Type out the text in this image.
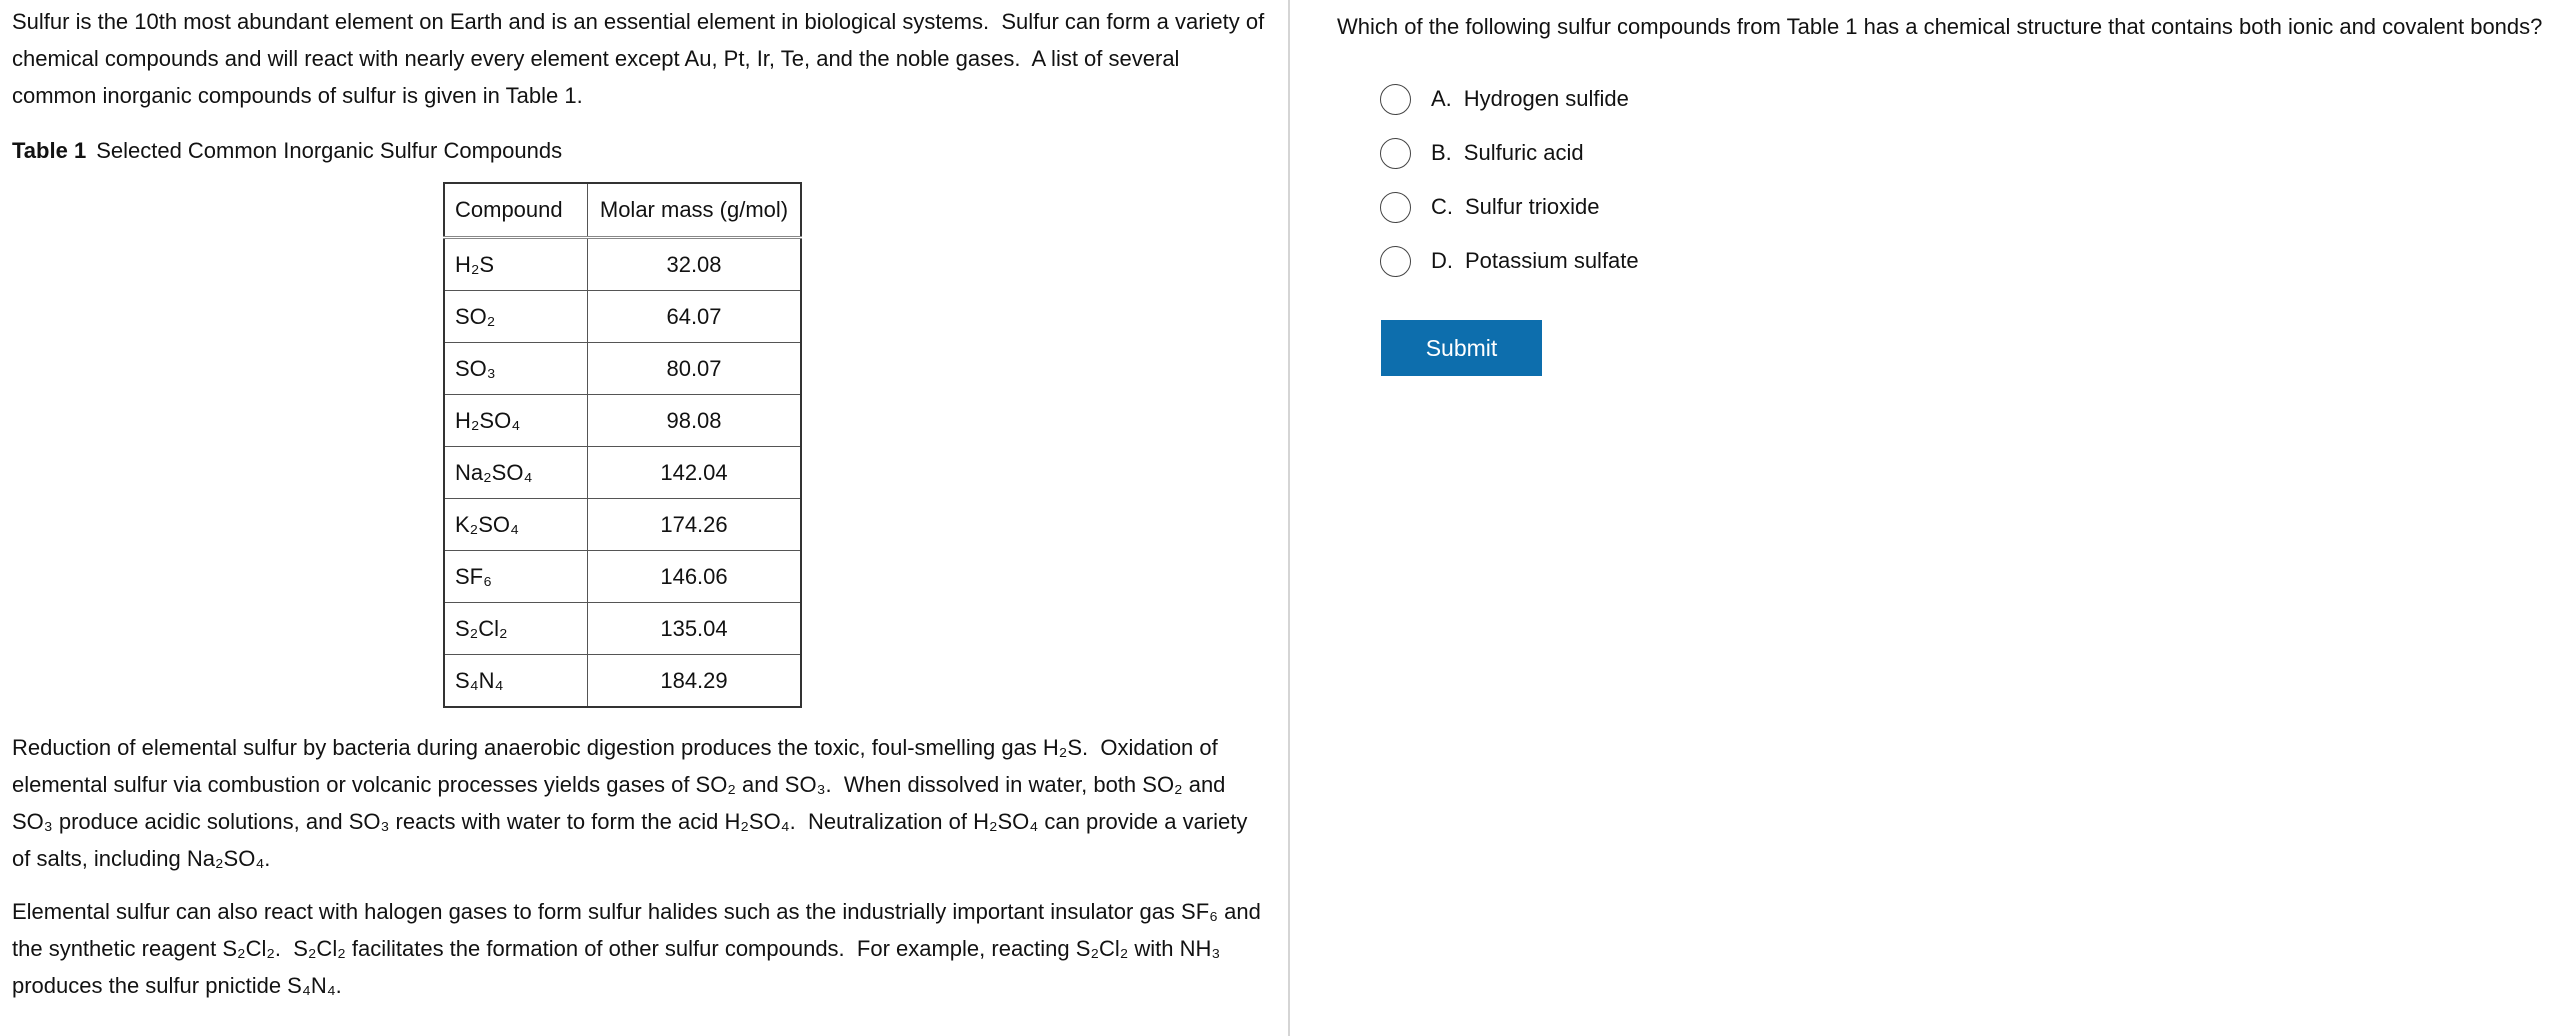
Sulfur is the 10th most abundant element on Earth and is an essential element in biological systems.  Sulfur can form a variety of chemical compounds and will react with nearly every element except Au, Pt, Ir, Te, and the noble gases.  A list of several common inorganic compounds of sulfur is given in Table 1.

Table 1 Selected Common Inorganic Sulfur Compounds
Compound	Molar mass (g/mol)
H₂S	32.08
SO₂	64.07
SO₃	80.07
H₂SO₄	98.08
Na₂SO₄	142.04
K₂SO₄	174.26
SF₆	146.06
S₂Cl₂	135.04
S₄N₄	184.29

Reduction of elemental sulfur by bacteria during anaerobic digestion produces the toxic, foul-smelling gas H₂S.  Oxidation of elemental sulfur via combustion or volcanic processes yields gases of SO₂ and SO₃.  When dissolved in water, both SO₂ and SO₃ produce acidic solutions, and SO₃ reacts with water to form the acid H₂SO₄.  Neutralization of H₂SO₄ can provide a variety of salts, including Na₂SO₄.

Elemental sulfur can also react with halogen gases to form sulfur halides such as the industrially important insulator gas SF₆ and the synthetic reagent S₂Cl₂.  S₂Cl₂ facilitates the formation of other sulfur compounds.  For example, reacting S₂Cl₂ with NH₃ produces the sulfur pnictide S₄N₄.

Which of the following sulfur compounds from Table 1 has a chemical structure that contains both ionic and covalent bonds?

A. Hydrogen sulfide
B. Sulfuric acid
C. Sulfur trioxide
D. Potassium sulfate
Submit
